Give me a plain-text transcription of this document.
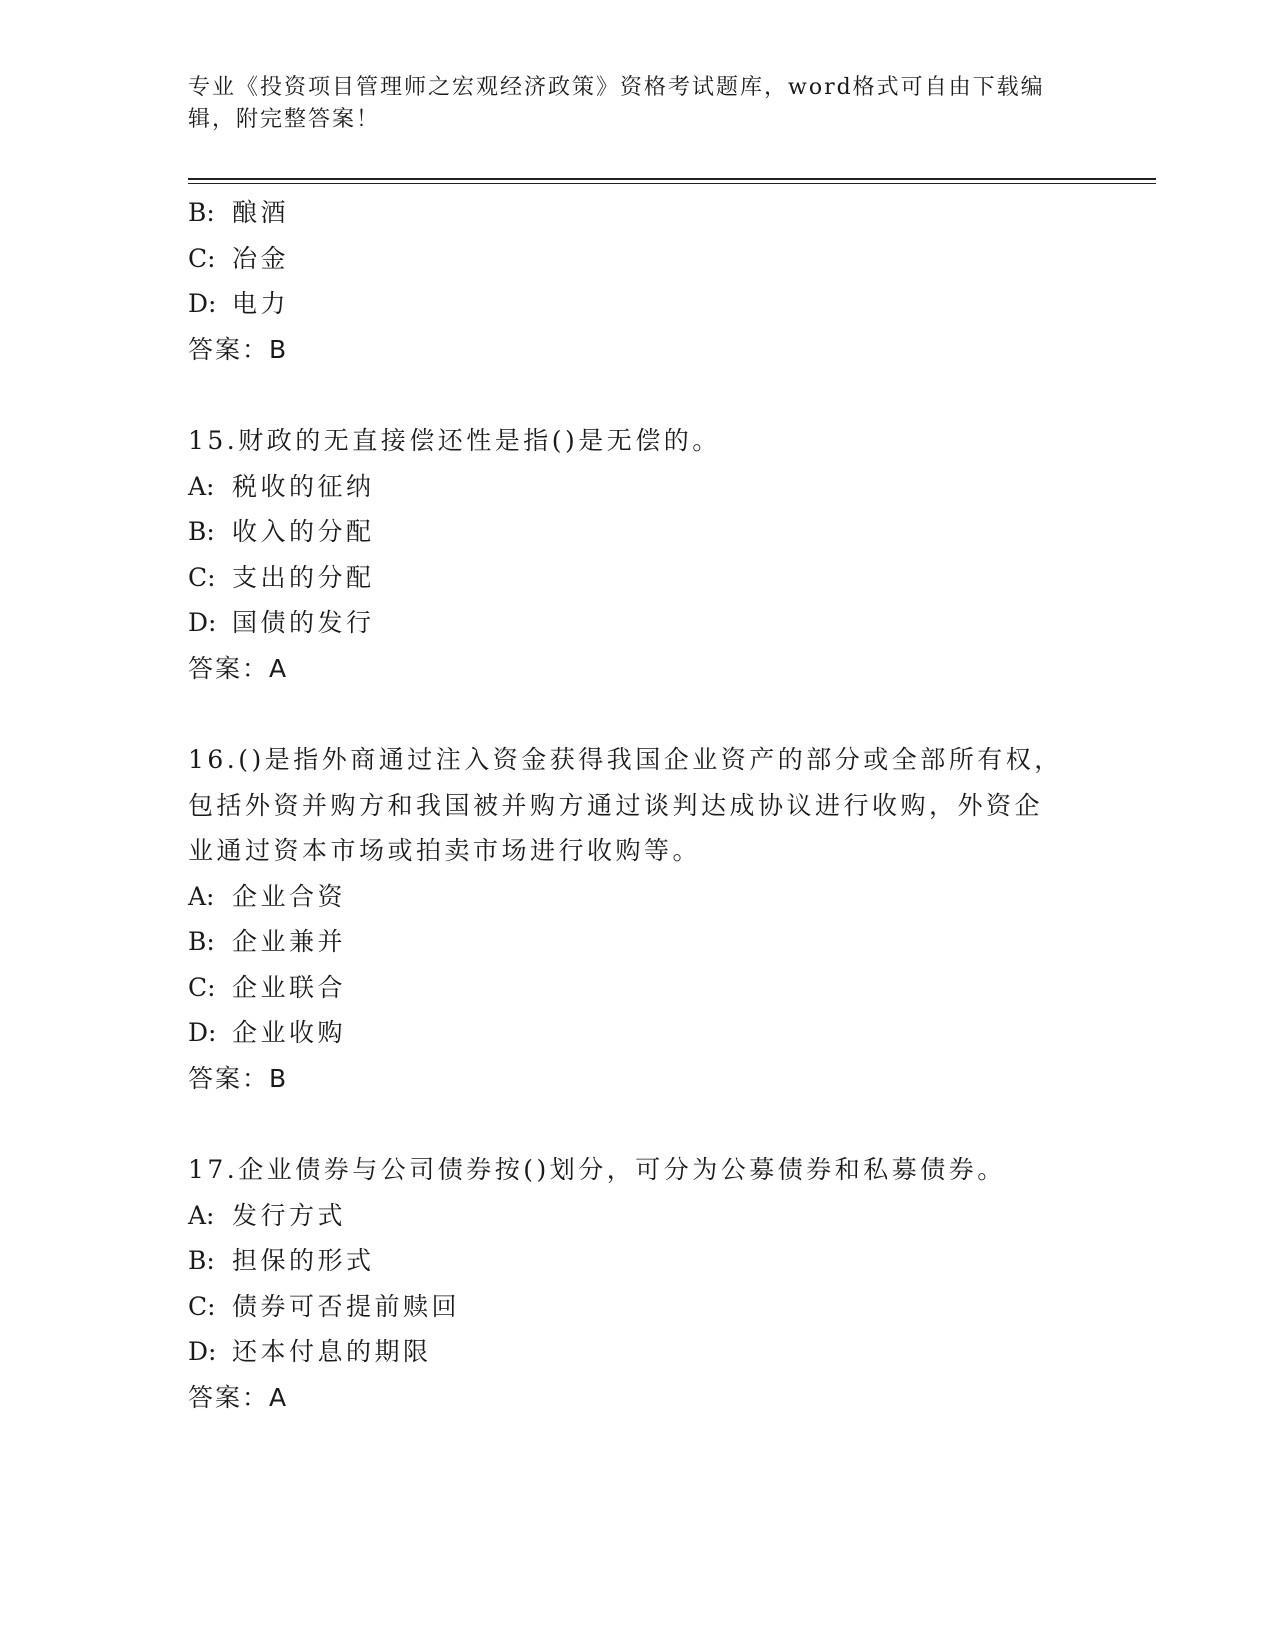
专业《投资项目管理师之宏观经济政策》资格考试题库，word格式可自由下载编
辑，附完整答案！
B: 酿酒
C: 冶金
D: 电力
答案：B
15.财政的无直接偿还性是指()是无偿的。
A: 税收的征纳
B: 收入的分配
C: 支出的分配
D: 国债的发行
答案：A
16.()是指外商通过注入资金获得我国企业资产的部分或全部所有权，
包括外资并购方和我国被并购方通过谈判达成协议进行收购，外资企
业通过资本市场或拍卖市场进行收购等。
A: 企业合资
B: 企业兼并
C: 企业联合
D: 企业收购
答案：B
17.企业债券与公司债券按()划分，可分为公募债券和私募债券。
A: 发行方式
B: 担保的形式
C: 债券可否提前赎回
D: 还本付息的期限
答案：A
